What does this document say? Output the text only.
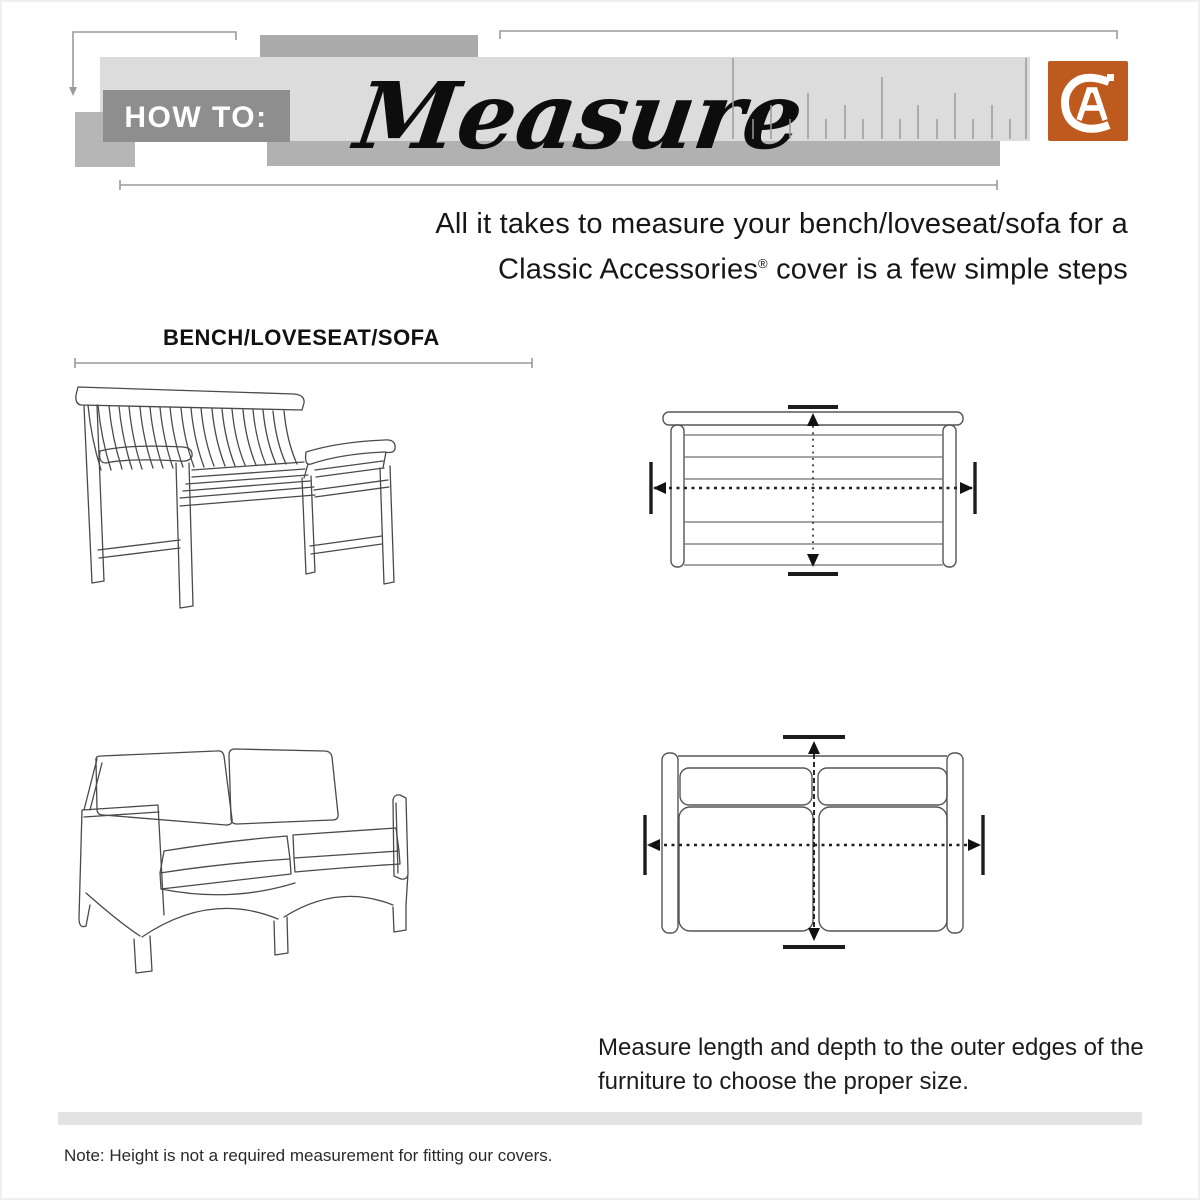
HOW TO: Measure
All it takes to measure your bench/loveseat/sofa for a
Classic Accessories® cover is a few simple steps
BENCH/LOVESEAT/SOFA
Measure length and depth to the outer edges of the
furniture to choose the proper size.
Note: Height is not a required measurement for fitting our covers.
